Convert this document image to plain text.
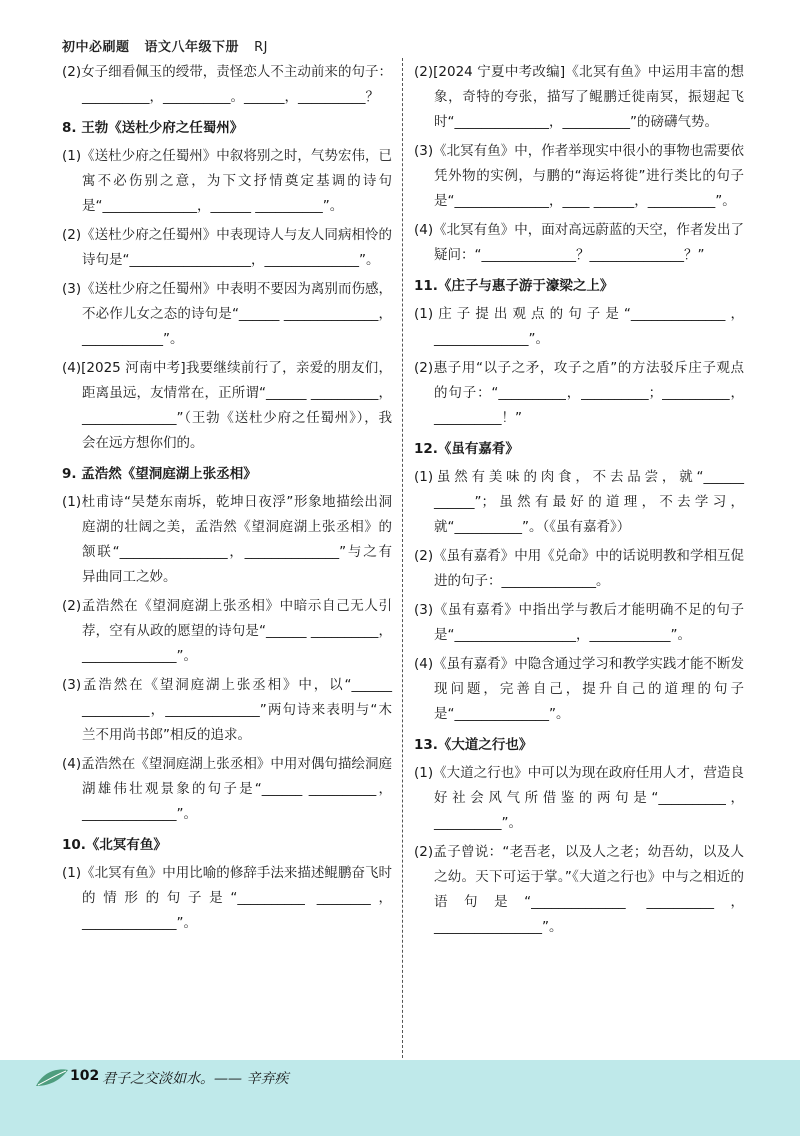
初中必刷题 语文八年级下册 RJ
(2)女子细看佩玉的绶带，责怪恋人不主动前来的句子：__________，__________。______，__________？
8. 王勃《送杜少府之任蜀州》
(1)《送杜少府之任蜀州》中叙将别之时，气势宏伟，已寓不必伤别之意，为下文抒情奠定基调的诗句是“______________，______ __________”。
(2)《送杜少府之任蜀州》中表现诗人与友人同病相怜的诗句是“__________________，______________”。
(3)《送杜少府之任蜀州》中表明不要因为离别而伤感，不必作儿女之态的诗句是“______ ______________，____________”。
(4)[2025 河南中考]我要继续前行了，亲爱的朋友们，距离虽远，友情常在，正所谓“______ __________，______________”（王勃《送杜少府之任蜀州》），我会在远方想你们的。
9. 孟浩然《望洞庭湖上张丞相》
(1)杜甫诗“吴楚东南坼，乾坤日夜浮”形象地描绘出洞庭湖的壮阔之美，孟浩然《望洞庭湖上张丞相》的颔联“________________，______________”与之有异曲同工之妙。
(2)孟浩然在《望洞庭湖上张丞相》中暗示自己无人引荐，空有从政的愿望的诗句是“______ __________，______________”。
(3)孟浩然在《望洞庭湖上张丞相》中，以“______ __________，______________”两句诗来表明与“木兰不用尚书郎”相反的追求。
(4)孟浩然在《望洞庭湖上张丞相》中用对偶句描绘洞庭湖雄伟壮观景象的句子是“______ __________，______________”。
10.《北冥有鱼》
(1)《北冥有鱼》中用比喻的修辞手法来描述鲲鹏奋飞时的情形的句子是“__________ ________，______________”。
(2)[2024 宁夏中考改编]《北冥有鱼》中运用丰富的想象，奇特的夸张，描写了鲲鹏迁徙南冥，振翅起飞时“______________，__________”的磅礴气势。
(3)《北冥有鱼》中，作者举现实中很小的事物也需要依凭外物的实例，与鹏的“海运将徙”进行类比的句子是“______________，____ ______，__________”。
(4)《北冥有鱼》中，面对高远蔚蓝的天空，作者发出了疑问：“______________？______________？”
11.《庄子与惠子游于濠梁之上》
(1)庄子提出观点的句子是“______________，______________”。
(2)惠子用“以子之矛，攻子之盾”的方法驳斥庄子观点的句子：“__________，__________；__________，__________！”
12.《虽有嘉肴》
(1)虽然有美味的肉食，不去品尝，就“______ ______”；虽然有最好的道理，不去学习，就“__________”。（《虽有嘉肴》）
(2)《虽有嘉肴》中用《兑命》中的话说明教和学相互促进的句子：______________。
(3)《虽有嘉肴》中指出学与教后才能明确不足的句子是“__________________，____________”。
(4)《虽有嘉肴》中隐含通过学习和教学实践才能不断发现问题，完善自己，提升自己的道理的句子是“______________”。
13.《大道之行也》
(1)《大道之行也》中可以为现在政府任用人才，营造良好社会风气所借鉴的两句是“__________，__________”。
(2)孟子曾说：“老吾老，以及人之老；幼吾幼，以及人之幼。天下可运于掌。”《大道之行也》中与之相近的语句是“______________ __________，________________”。
102 君子之交淡如水。—— 辛弃疾
